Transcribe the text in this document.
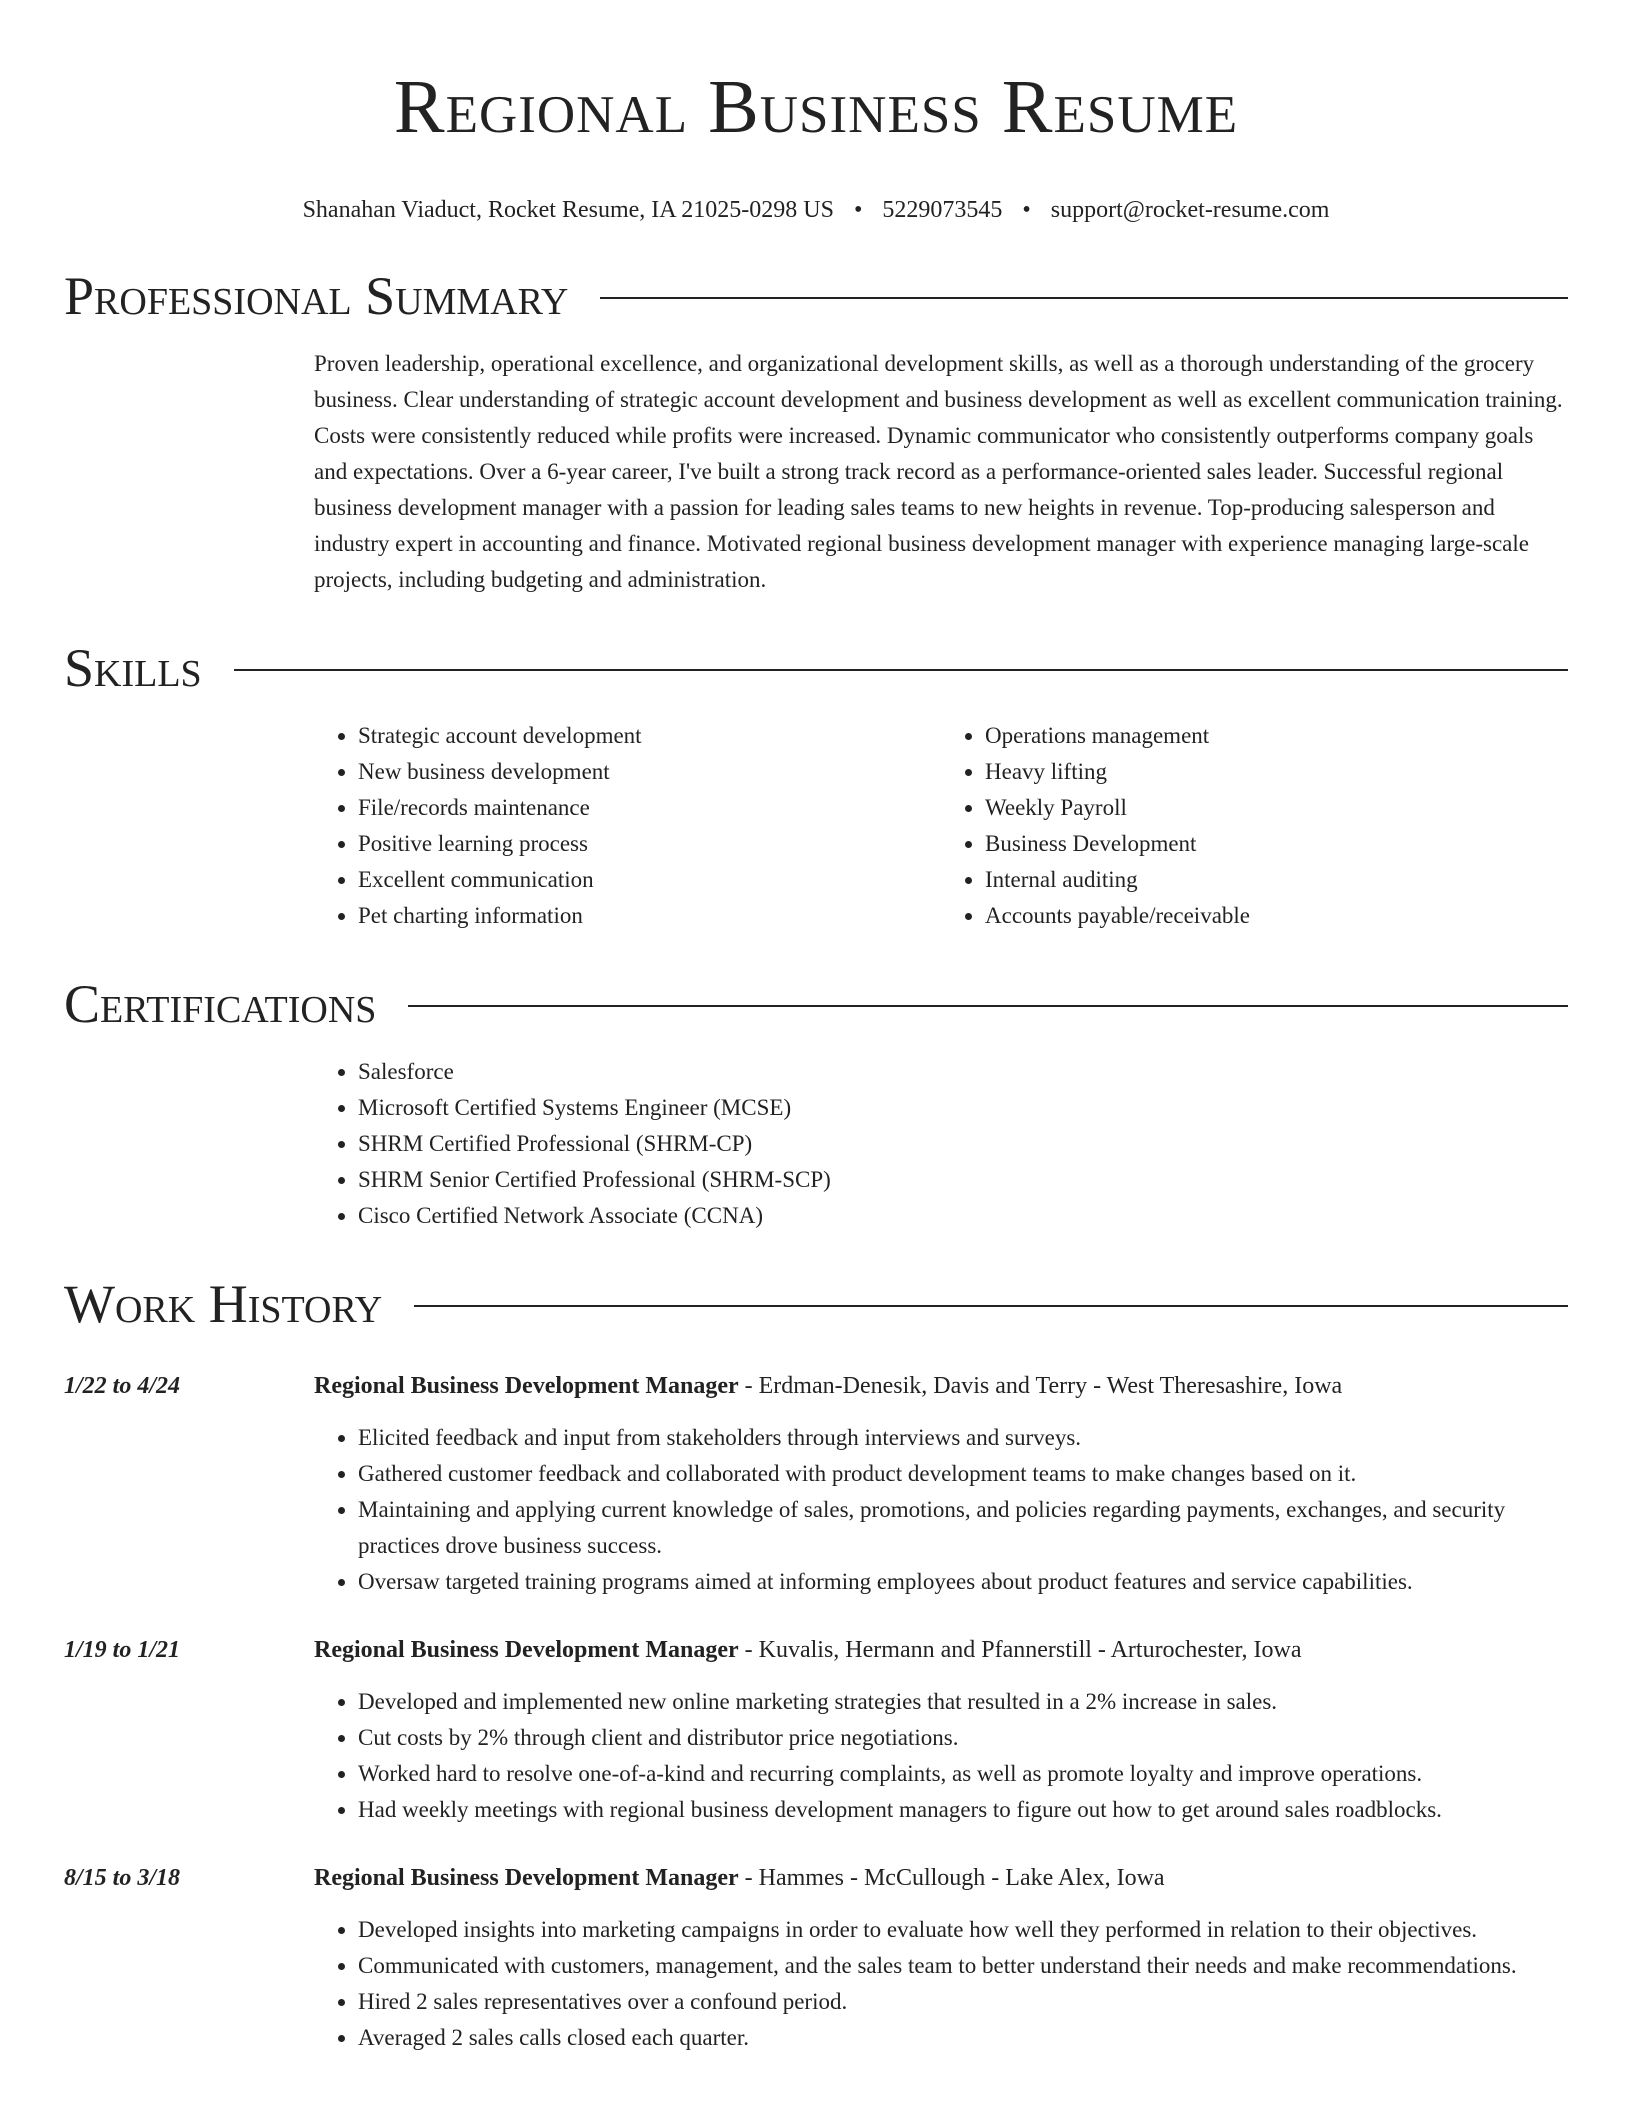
Regional Business Resume
Shanahan Viaduct, Rocket Resume, IA 21025-0298 US • 5229073545 • support@rocket-resume.com
Professional Summary

Proven leadership, operational excellence, and organizational development skills, as well as a thorough understanding of the grocery business. Clear understanding of strategic account development and business development as well as excellent communication training. Costs were consistently reduced while profits were increased. Dynamic communicator who consistently outperforms company goals and expectations. Over a 6-year career, I've built a strong track record as a performance-oriented sales leader. Successful regional business development manager with a passion for leading sales teams to new heights in revenue. Top-producing salesperson and industry expert in accounting and finance. Motivated regional business development manager with experience managing large-scale projects, including budgeting and administration.

Skills
• Strategic account development
• New business development
• File/records maintenance
• Positive learning process
• Excellent communication
• Pet charting information
• Operations management
• Heavy lifting
• Weekly Payroll
• Business Development
• Internal auditing
• Accounts payable/receivable
Certifications
• Salesforce
• Microsoft Certified Systems Engineer (MCSE)
• SHRM Certified Professional (SHRM-CP)
• SHRM Senior Certified Professional (SHRM-SCP)
• Cisco Certified Network Associate (CCNA)
Work History
1/22 to 4/24	Regional Business Development Manager - Erdman-Denesik, Davis and Terry - West Theresashire, Iowa
• Elicited feedback and input from stakeholders through interviews and surveys.
• Gathered customer feedback and collaborated with product development teams to make changes based on it.
• Maintaining and applying current knowledge of sales, promotions, and policies regarding payments, exchanges, and security practices drove business success.
• Oversaw targeted training programs aimed at informing employees about product features and service capabilities.
1/19 to 1/21	Regional Business Development Manager - Kuvalis, Hermann and Pfannerstill - Arturochester, Iowa
• Developed and implemented new online marketing strategies that resulted in a 2% increase in sales.
• Cut costs by 2% through client and distributor price negotiations.
• Worked hard to resolve one-of-a-kind and recurring complaints, as well as promote loyalty and improve operations.
• Had weekly meetings with regional business development managers to figure out how to get around sales roadblocks.
8/15 to 3/18	Regional Business Development Manager - Hammes - McCullough - Lake Alex, Iowa
• Developed insights into marketing campaigns in order to evaluate how well they performed in relation to their objectives.
• Communicated with customers, management, and the sales team to better understand their needs and make recommendations.
• Hired 2 sales representatives over a confound period.
• Averaged 2 sales calls closed each quarter.
